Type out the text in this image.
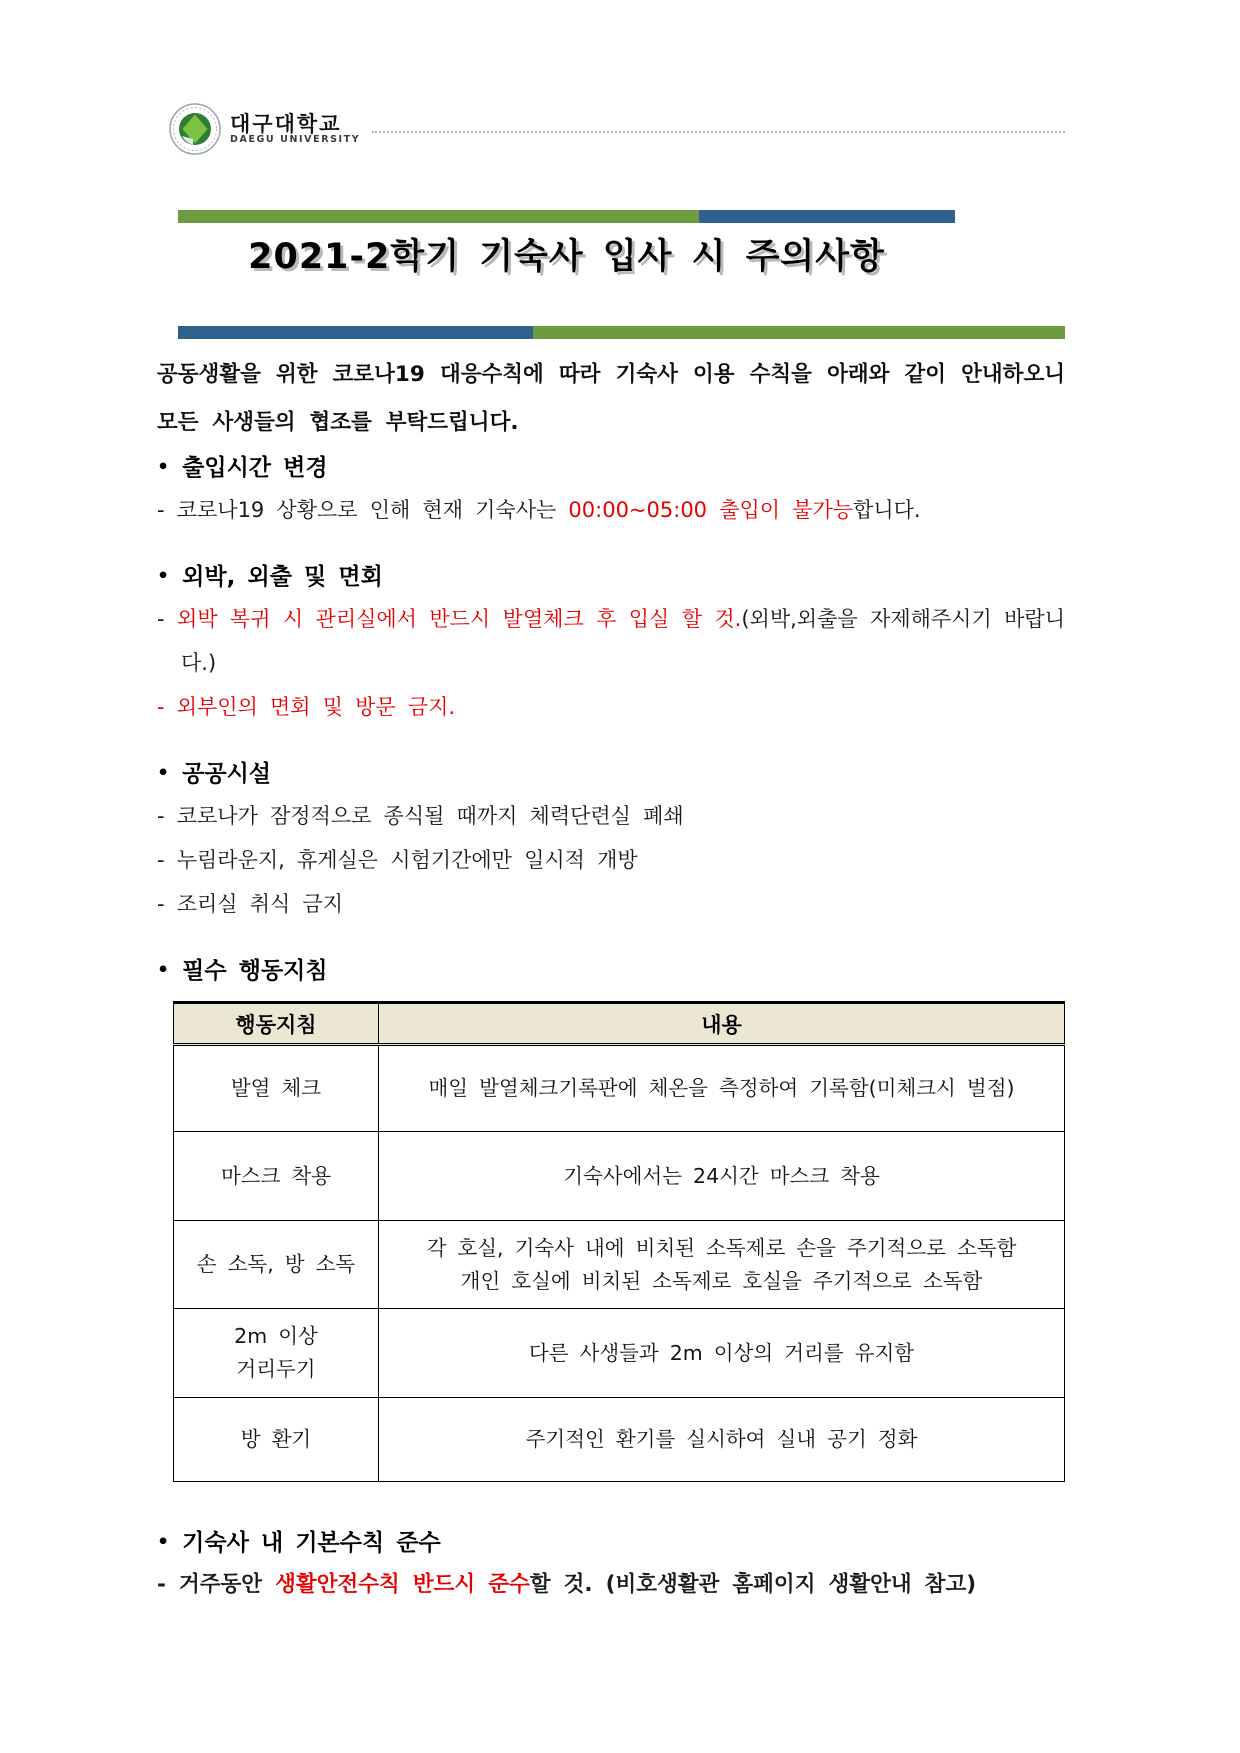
대구대학교
DAEGU UNIVERSITY
2021-2학기 기숙사 입사 시 주의사항

공동생활을 위한 코로나19 대응수칙에 따라 기숙사 이용 수칙을 아래와 같이 안내하오니 모든 사생들의 협조를 부탁드립니다.

• 출입시간 변경
- 코로나19 상황으로 인해 현재 기숙사는 00:00~05:00 출입이 불가능합니다.
• 외박, 외출 및 면회
- 외박 복귀 시 관리실에서 반드시 발열체크 후 입실 할 것.(외박,외출을 자제해주시기 바랍니다.)
- 외부인의 면회 및 방문 금지.
• 공공시설
- 코로나가 잠정적으로 종식될 때까지 체력단련실 폐쇄
- 누림라운지, 휴게실은 시험기간에만 일시적 개방
- 조리실 취식 금지
• 필수 행동지침
행동지침	내용

발열 체크	매일 발열체크기록판에 체온을 측정하여 기록함(미체크시 벌점)

마스크 착용	기숙사에서는 24시간 마스크 착용

손 소독, 방 소독	각 호실, 기숙사 내에 비치된 소독제로 손을 주기적으로 소독함
개인 호실에 비치된 소독제로 호실을 주기적으로 소독함

2m 이상
거리두기	다른 사생들과 2m 이상의 거리를 유지함

방 환기	주기적인 환기를 실시하여 실내 공기 정화
• 기숙사 내 기본수칙 준수
- 거주동안 생활안전수칙 반드시 준수할 것. (비호생활관 홈페이지 생활안내 참고)
